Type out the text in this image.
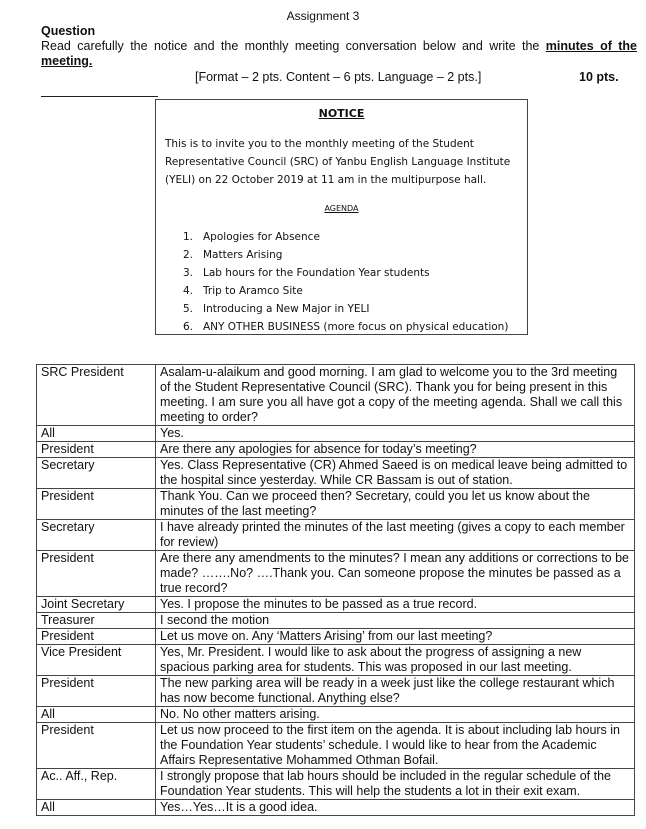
Assignment 3
Question
Read carefully the notice and the monthly meeting conversation below and write the minutes of the meeting.
[Format – 2 pts. Content – 6 pts. Language – 2 pts.]	10 pts.
NOTICE
This is to invite you to the monthly meeting of the Student Representative Council (SRC) of Yanbu English Language Institute (YELI) on 22 October 2019 at 11 am in the multipurpose hall.
AGENDA
1. Apologies for Absence
2. Matters Arising
3. Lab hours for the Foundation Year students
4. Trip to Aramco Site
5. Introducing a New Major in YELI
6. ANY OTHER BUSINESS (more focus on physical education)
SRC President	Asalam-u-alaikum and good morning. I am glad to welcome you to the 3rd meeting of the Student Representative Council (SRC). Thank you for being present in this meeting. I am sure you all have got a copy of the meeting agenda. Shall we call this meeting to order?
All	Yes.
President	Are there any apologies for absence for today’s meeting?
Secretary	Yes. Class Representative (CR) Ahmed Saeed is on medical leave being admitted to the hospital since yesterday. While CR Bassam is out of station.
President	Thank You. Can we proceed then? Secretary, could you let us know about the minutes of the last meeting?
Secretary	I have already printed the minutes of the last meeting (gives a copy to each member for review)
President	Are there any amendments to the minutes? I mean any additions or corrections to be made? …….No? ….Thank you. Can someone propose the minutes be passed as a true record?
Joint Secretary	Yes. I propose the minutes to be passed as a true record.
Treasurer	I second the motion
President	Let us move on. Any ‘Matters Arising’ from our last meeting?
Vice President	Yes, Mr. President. I would like to ask about the progress of assigning a new spacious parking area for students. This was proposed in our last meeting.
President	The new parking area will be ready in a week just like the college restaurant which has now become functional. Anything else?
All	No. No other matters arising.
President	Let us now proceed to the first item on the agenda. It is about including lab hours in the Foundation Year students’ schedule. I would like to hear from the Academic Affairs Representative Mohammed Othman Bofail.
Ac.. Aff., Rep.	I strongly propose that lab hours should be included in the regular schedule of the Foundation Year students. This will help the students a lot in their exit exam.
All	Yes…Yes…It is a good idea.
